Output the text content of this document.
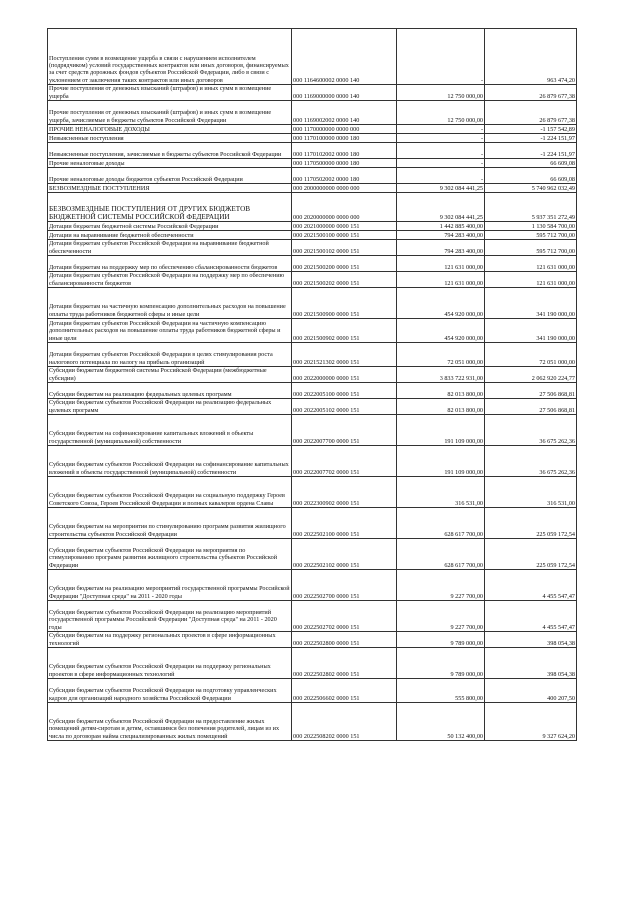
Поступления сумм в возмещение ущерба в связи с нарушением исполнителем (подрядчиком) условий государственных контрактов или иных договоров, финансируемых за счет средств дорожных фондов субъектов Российской Федерации, либо в связи с уклонением от заключения таких контрактов или иных договоров	000 1164600002 0000 140	-	963 474,20
Прочие поступления от денежных взысканий (штрафов) и иных сумм в возмещение ущерба	000 1169000000 0000 140	12 750 000,00	26 879 677,38
Прочие поступления от денежных взысканий (штрафов) и иных сумм в возмещение ущерба, зачисляемые в бюджеты субъектов Российской Федерации	000 1169002002 0000 140	12 750 000,00	26 879 677,38
ПРОЧИЕ НЕНАЛОГОВЫЕ ДОХОДЫ	000 1170000000 0000 000	-	-1 157 542,89
Невыясненные поступления	000 1170100000 0000 180	-	-1 224 151,97
Невыясненные поступления, зачисляемые в бюджеты субъектов Российской Федерации	000 1170102002 0000 180	-	-1 224 151,97
Прочие неналоговые доходы	000 1170500000 0000 180	-	66 609,08
Прочие неналоговые доходы бюджетов субъектов Российской Федерации	000 1170502002 0000 180	-	66 609,08
БЕЗВОЗМЕЗДНЫЕ ПОСТУПЛЕНИЯ	000 2000000000 0000 000	9 302 084 441,25	5 740 962 032,49
БЕЗВОЗМЕЗДНЫЕ ПОСТУПЛЕНИЯ ОТ ДРУГИХ БЮДЖЕТОВ БЮДЖЕТНОЙ СИСТЕМЫ РОССИЙСКОЙ ФЕДЕРАЦИИ	000 2020000000 0000 000	9 302 084 441,25	5 937 351 272,49
Дотации бюджетам бюджетной системы Российской Федерации	000 2021000000 0000 151	1 442 885 400,00	1 130 584 700,00
Дотации на выравнивание бюджетной обеспеченности	000 2021500100 0000 151	794 283 400,00	595 712 700,00
Дотации бюджетам субъектов Российской Федерации на выравнивание бюджетной обеспеченности	000 2021500102 0000 151	794 283 400,00	595 712 700,00
Дотации бюджетам на поддержку мер по обеспечению сбалансированности бюджетов	000 2021500200 0000 151	121 631 000,00	121 631 000,00
Дотации бюджетам субъектов Российской Федерации на поддержку мер по обеспечению сбалансированности бюджетов	000 2021500202 0000 151	121 631 000,00	121 631 000,00
Дотации бюджетам на частичную компенсацию дополнительных расходов на повышение оплаты труда работников бюджетной сферы и иные цели	000 2021500900 0000 151	454 920 000,00	341 190 000,00
Дотации бюджетам субъектов Российской Федерации на частичную компенсацию дополнительных расходов на повышение оплаты труда работников бюджетной сферы и иные цели	000 2021500902 0000 151	454 920 000,00	341 190 000,00
Дотации бюджетам субъектов Российской Федерации в целях стимулирования роста налогового потенциала по налогу на прибыль организаций	000 2021521302 0000 151	72 051 000,00	72 051 000,00
Субсидии бюджетам бюджетной системы Российской Федерации (межбюджетные субсидии)	000 2022000000 0000 151	3 833 722 931,00	2 062 920 224,77
Субсидии бюджетам на реализацию федеральных целевых программ	000 2022005100 0000 151	82 013 800,00	27 506 868,81
Субсидии бюджетам субъектов Российской Федерации на реализацию федеральных целевых программ	000 2022005102 0000 151	82 013 800,00	27 506 868,81
Субсидии бюджетам на софинансирование капитальных вложений в объекты государственной (муниципальной) собственности	000 2022007700 0000 151	191 109 000,00	36 675 262,36
Субсидии бюджетам субъектов Российской Федерации на софинансирование капитальных вложений в объекты государственной (муниципальной) собственности	000 2022007702 0000 151	191 109 000,00	36 675 262,36
Субсидии бюджетам субъектов Российской Федерации на социальную поддержку Героев Советского Союза, Героев Российской Федерации и полных кавалеров ордена Славы	000 2022300902 0000 151	316 531,00	316 531,00
Субсидии бюджетам на мероприятия по стимулированию программ развития жилищного строительства субъектов Российской Федерации	000 2022502100 0000 151	628 617 700,00	225 059 172,54
Субсидии бюджетам субъектов Российской Федерации на мероприятия по стимулированию программ развития жилищного строительства субъектов Российской Федерации	000 2022502102 0000 151	628 617 700,00	225 059 172,54
Субсидии бюджетам на реализацию мероприятий государственной программы Российской Федерации "Доступная среда" на 2011 - 2020 годы	000 2022502700 0000 151	9 227 700,00	4 455 547,47
Субсидии бюджетам субъектов Российской Федерации на реализацию мероприятий государственной программы Российской Федерации "Доступная среда" на 2011 - 2020 годы	000 2022502702 0000 151	9 227 700,00	4 455 547,47
Субсидии бюджетам на поддержку региональных проектов в сфере информационных технологий	000 2022502800 0000 151	9 789 000,00	398 054,38
Субсидии бюджетам субъектов Российской Федерации на поддержку региональных проектов в сфере информационных технологий	000 2022502802 0000 151	9 789 000,00	398 054,38
Субсидии бюджетам субъектов Российской Федерации на подготовку управленческих кадров для организаций народного хозяйства Российской Федерации	000 2022506602 0000 151	555 800,00	400 207,50
Субсидии бюджетам субъектов Российской Федерации на предоставление жилых помещений детям-сиротам и детям, оставшимся без попечения родителей, лицам из их числа по договорам найма специализированных жилых помещений	000 2022508202 0000 151	50 132 400,00	9 327 624,20
